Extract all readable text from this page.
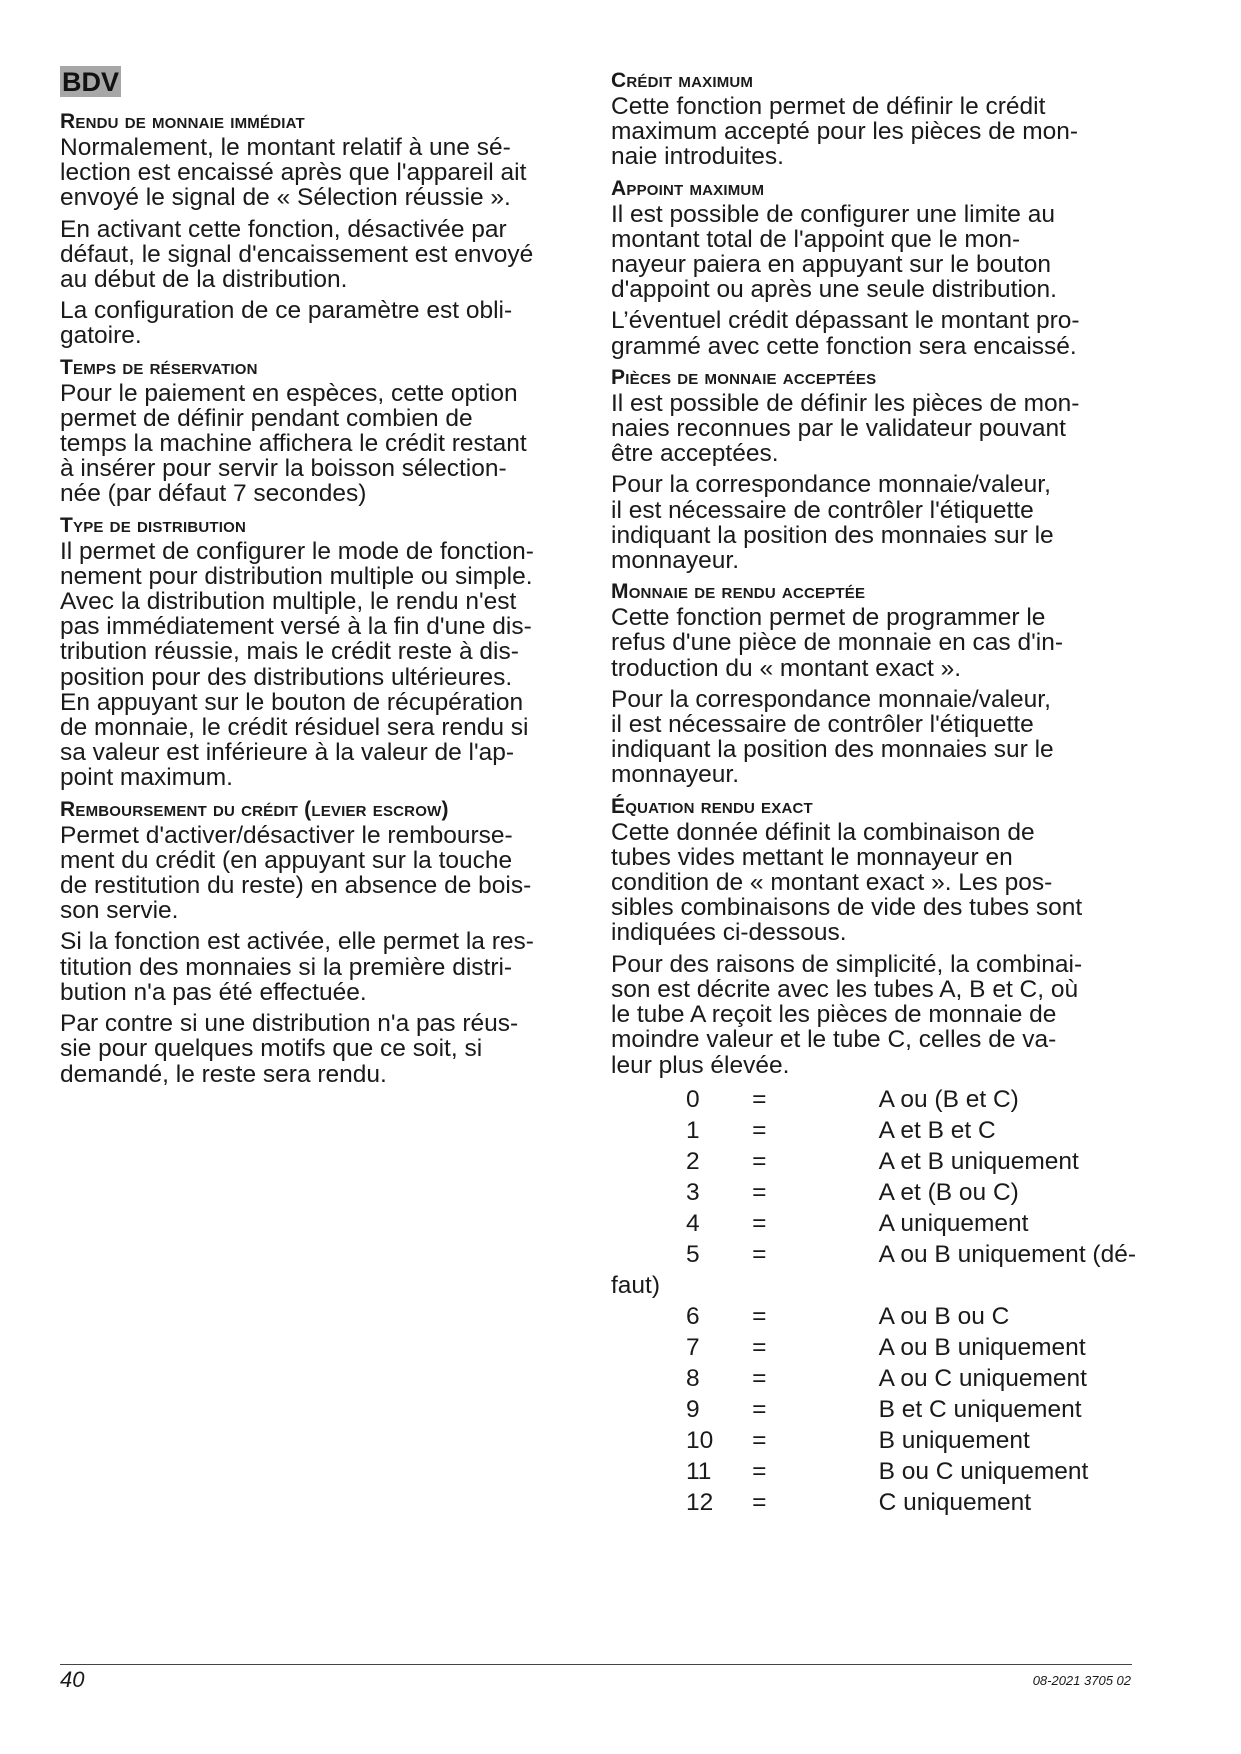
BDV
Rendu de monnaie immédiat
Normalement, le montant relatif à une sé-
lection est encaissé après que l'appareil ait
envoyé le signal de « Sélection réussie ».
En activant cette fonction, désactivée par
défaut, le signal d'encaissement est envoyé
au début de la distribution.
La configuration de ce paramètre est obli-
gatoire.
Temps de réservation
Pour le paiement en espèces, cette option
permet de définir pendant combien de
temps la machine affichera le crédit restant
à insérer pour servir la boisson sélection-
née (par défaut 7 secondes)
Type de distribution
Il permet de configurer le mode de fonction-
nement pour distribution multiple ou simple.
Avec la distribution multiple, le rendu n'est
pas immédiatement versé à la fin d'une dis-
tribution réussie, mais le crédit reste à dis-
position pour des distributions ultérieures.
En appuyant sur le bouton de récupération
de monnaie, le crédit résiduel sera rendu si
sa valeur est inférieure à la valeur de l'ap-
point maximum.
Remboursement du crédit (levier escrow)
Permet d'activer/désactiver le rembourse-
ment du crédit (en appuyant sur la touche
de restitution du reste) en absence de bois-
son servie.
Si la fonction est activée, elle permet la res-
titution des monnaies si la première distri-
bution n'a pas été effectuée.
Par contre si une distribution n'a pas réus-
sie pour quelques motifs que ce soit, si
demandé, le reste sera rendu.
Crédit maximum
Cette fonction permet de définir le crédit
maximum accepté pour les pièces de mon-
naie introduites.
Appoint maximum
Il est possible de configurer une limite au
montant total de l'appoint que le mon-
nayeur paiera en appuyant sur le bouton
d'appoint ou après une seule distribution.
L’éventuel crédit dépassant le montant pro-
grammé avec cette fonction sera encaissé.
Pièces de monnaie acceptées
Il est possible de définir les pièces de mon-
naies reconnues par le validateur pouvant
être acceptées.
Pour la correspondance monnaie/valeur,
il est nécessaire de contrôler l'étiquette
indiquant la position des monnaies sur le
monnayeur.
Monnaie de rendu acceptée
Cette fonction permet de programmer le
refus d'une pièce de monnaie en cas d'in-
troduction du « montant exact ».
Pour la correspondance monnaie/valeur,
il est nécessaire de contrôler l'étiquette
indiquant la position des monnaies sur le
monnayeur.
Équation rendu exact
Cette donnée définit la combinaison de
tubes vides mettant le monnayeur en
condition de « montant exact ». Les pos-
sibles combinaisons de vide des tubes sont
indiquées ci-dessous.
Pour des raisons de simplicité, la combinai-
son est décrite avec les tubes A, B et C, où
le tube A reçoit les pièces de monnaie de
moindre valeur et le tube C, celles de va-
leur plus élevée.
0	=	A ou (B et C)
1	=	A et B et C
2	=	A et B uniquement
3	=	A et (B ou C)
4	=	A uniquement
5	=	A ou B uniquement (dé-
faut)		
6	=	A ou B ou C
7	=	A ou B uniquement
8	=	A ou C uniquement
9	=	B et C uniquement
10	=	B uniquement
11	=	B ou C uniquement
12	=	C uniquement
40	08-2021 3705 02
